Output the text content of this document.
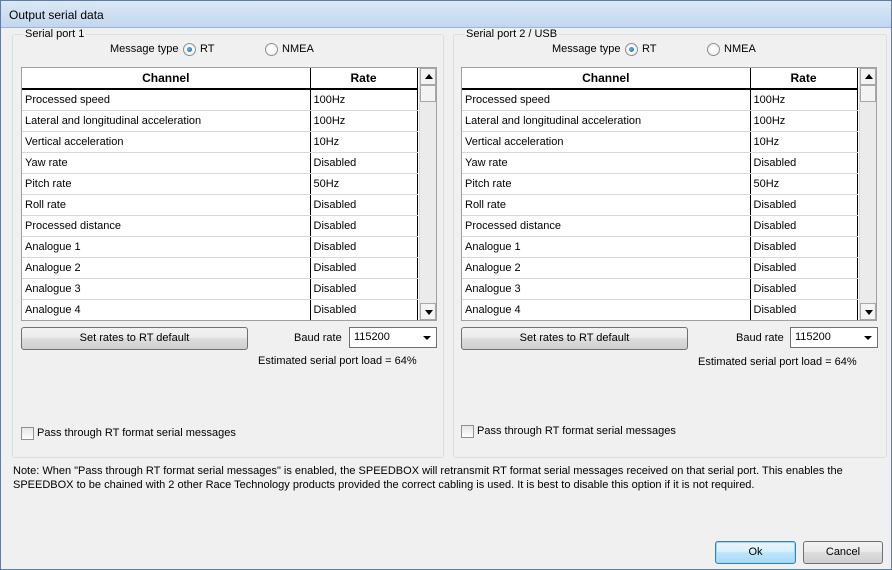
Output serial data
Serial port 1
Message type RT	NMEA
Channel	Rate
Processed speed	100Hz
Lateral and longitudinal acceleration	100Hz
Vertical acceleration	10Hz
Yaw rate	Disabled
Pitch rate	50Hz
Roll rate	Disabled
Processed distance	Disabled
Analogue 1	Disabled
Analogue 2	Disabled
Analogue 3	Disabled
Analogue 4	Disabled
Set rates to RT default	Baud rate 115200
Estimated serial port load = 64%
Pass through RT format serial messages
Serial port 2 / USB
Message type RT	NMEA
Channel	Rate
Processed speed	100Hz
Lateral and longitudinal acceleration	100Hz
Vertical acceleration	10Hz
Yaw rate	Disabled
Pitch rate	50Hz
Roll rate	Disabled
Processed distance	Disabled
Analogue 1	Disabled
Analogue 2	Disabled
Analogue 3	Disabled
Analogue 4	Disabled
Set rates to RT default	Baud rate 115200
Estimated serial port load = 64%
Pass through RT format serial messages
Note: When "Pass through RT format serial messages" is enabled, the SPEEDBOX will retransmit RT format serial messages received on that serial port. This enables the SPEEDBOX to be chained with 2 other Race Technology products provided the correct cabling is used. It is best to disable this option if it is not required.
Ok	Cancel
